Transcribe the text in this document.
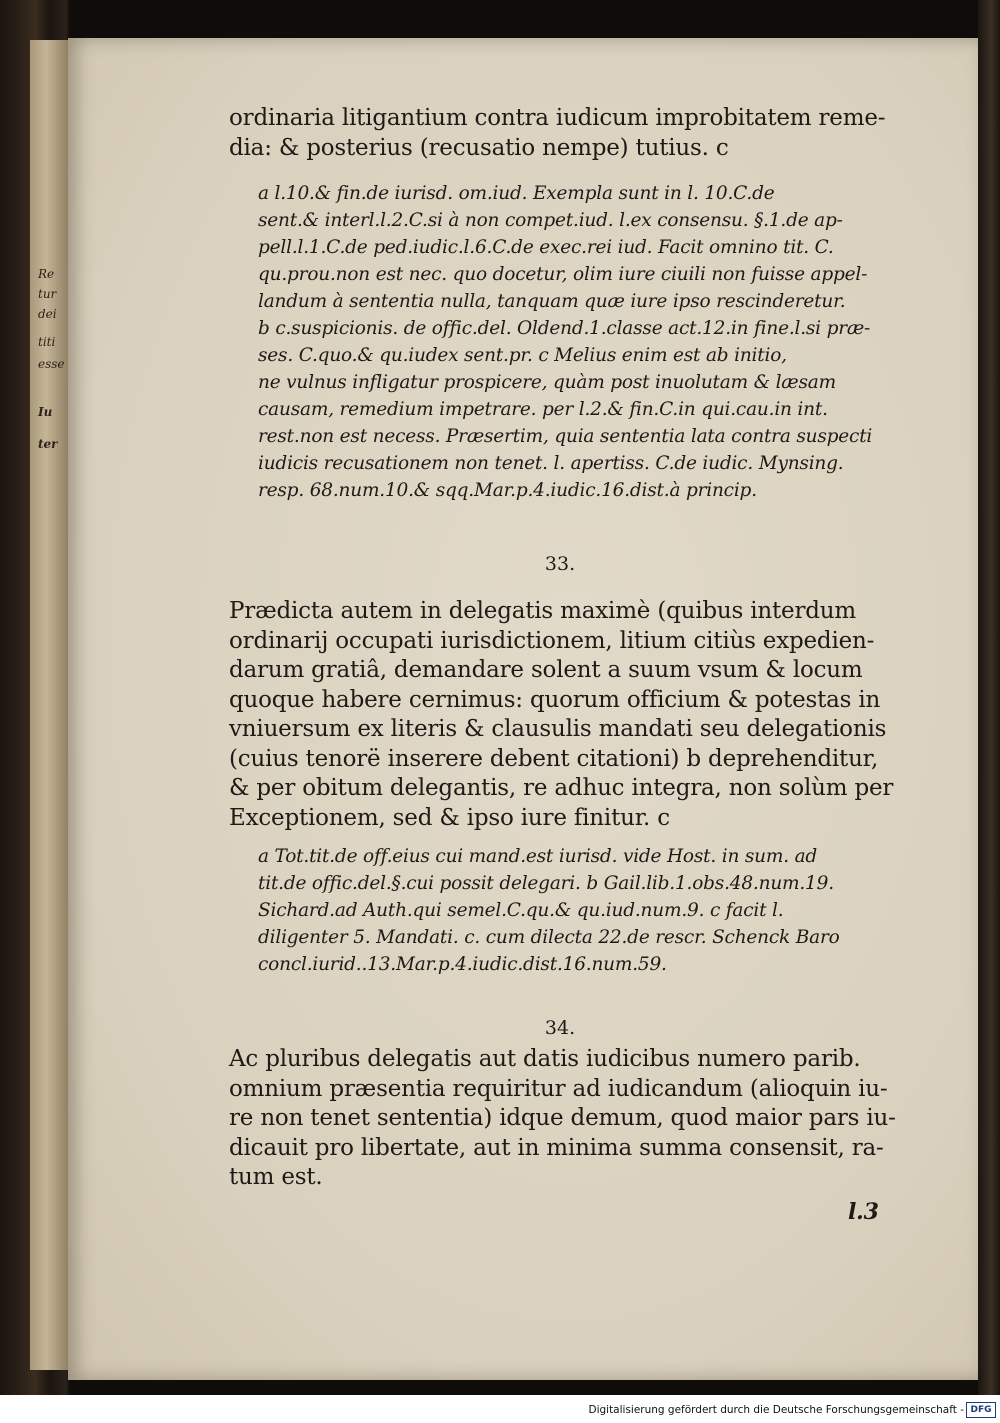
Re
tur
dei
titi
esse
Iu
ter
ordinaria litigantium contra iudicum improbitatem reme-
dia: & posterius (recusatio nempe) tutius. c
a l.10.& fin.de iurisd. om.iud. Exempla sunt in l. 10.C.de
sent.& interl.l.2.C.si à non compet.iud. l.ex consensu. §.1.de ap-
pell.l.1.C.de ped.iudic.l.6.C.de exec.rei iud. Facit omnino tit. C.
qu.prou.non est nec. quo docetur, olim iure ciuili non fuisse appel-
landum à sententia nulla, tanquam quæ iure ipso rescinderetur.
b c.suspicionis. de offic.del. Oldend.1.classe act.12.in fine.l.si præ-
ses. C.quo.& qu.iudex sent.pr. c Melius enim est ab initio,
ne vulnus infligatur prospicere, quàm post inuolutam & læsam
causam, remedium impetrare. per l.2.& fin.C.in qui.cau.in int.
rest.non est necess. Præsertim, quia sententia lata contra suspecti
iudicis recusationem non tenet. l. apertiss. C.de iudic. Mynsing.
resp. 68.num.10.& sqq.Mar.p.4.iudic.16.dist.à princip.
33.
Prædicta autem in delegatis maximè (quibus interdum
ordinarij occupati iurisdictionem, litium citiùs expedien-
darum gratiâ, demandare solent a suum vsum & locum
quoque habere cernimus: quorum officium & potestas in
vniuersum ex literis & clausulis mandati seu delegationis
(cuius tenorë inserere debent citationi) b deprehenditur,
& per obitum delegantis, re adhuc integra, non solùm per
Exceptionem, sed & ipso iure finitur. c
a Tot.tit.de off.eius cui mand.est iurisd. vide Host. in sum. ad
tit.de offic.del.§.cui possit delegari. b Gail.lib.1.obs.48.num.19.
Sichard.ad Auth.qui semel.C.qu.& qu.iud.num.9. c facit l.
diligenter 5. Mandati. c. cum dilecta 22.de rescr. Schenck Baro
concl.iurid..13.Mar.p.4.iudic.dist.16.num.59.
34.
Ac pluribus delegatis aut datis iudicibus numero parib.
omnium præsentia requiritur ad iudicandum (alioquin iu-
re non tenet sententia) idque demum, quod maior pars iu-
dicauit pro libertate, aut in minima summa consensit, ra-
tum est.
l.3
Digitalisierung gefördert durch die Deutsche Forschungsgemeinschaft - DFG
